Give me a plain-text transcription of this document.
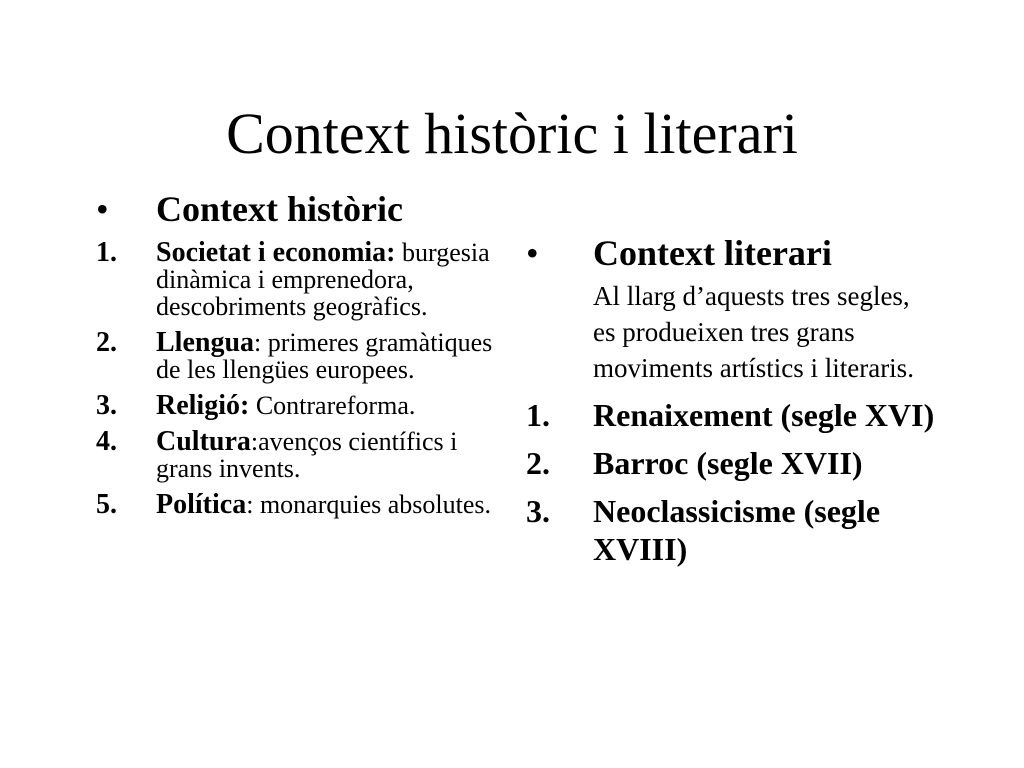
Context històric i literari
•	Context històric
1.	Societat i economia: burgesia dinàmica i emprenedora, descobriments geogràfics.
2.	Llengua: primeres gramàtiques de les llengües europees.
3.	Religió: Contrareforma.
4.	Cultura:avenços científics i grans invents.
5.	Política: monarquies absolutes.
•	Context literari
Al llarg d’aquests tres segles, es produeixen tres grans moviments artístics i literaris.
1.	Renaixement (segle XVI)
2.	Barroc (segle XVII)
3.	Neoclassicisme (segle XVIII)
